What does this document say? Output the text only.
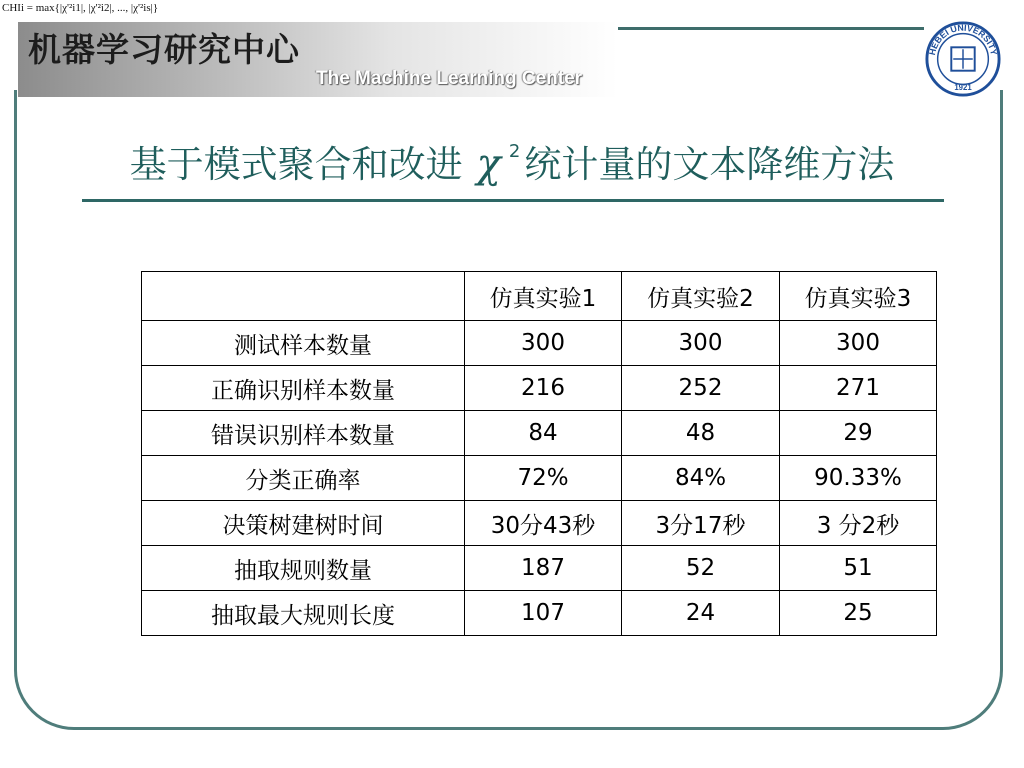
CHIi = max{|χ'²i1|, |χ'²i2|, ..., |χ'²is|}
机器学习研究中心
The Machine Learning Center
HEBEI UNIVERSITY
1921
基于模式聚合和改进 χ $^2$ 统计量的文本降维方法
	仿真实验1	仿真实验2	仿真实验3
测试样本数量	300	300	300
正确识别样本数量	216	252	271
错误识别样本数量	84	48	29
分类正确率	72%	84%	90.33%
决策树建树时间	30分43秒	3分17秒	3 分2秒
抽取规则数量	187	52	51
抽取最大规则长度	107	24	25
